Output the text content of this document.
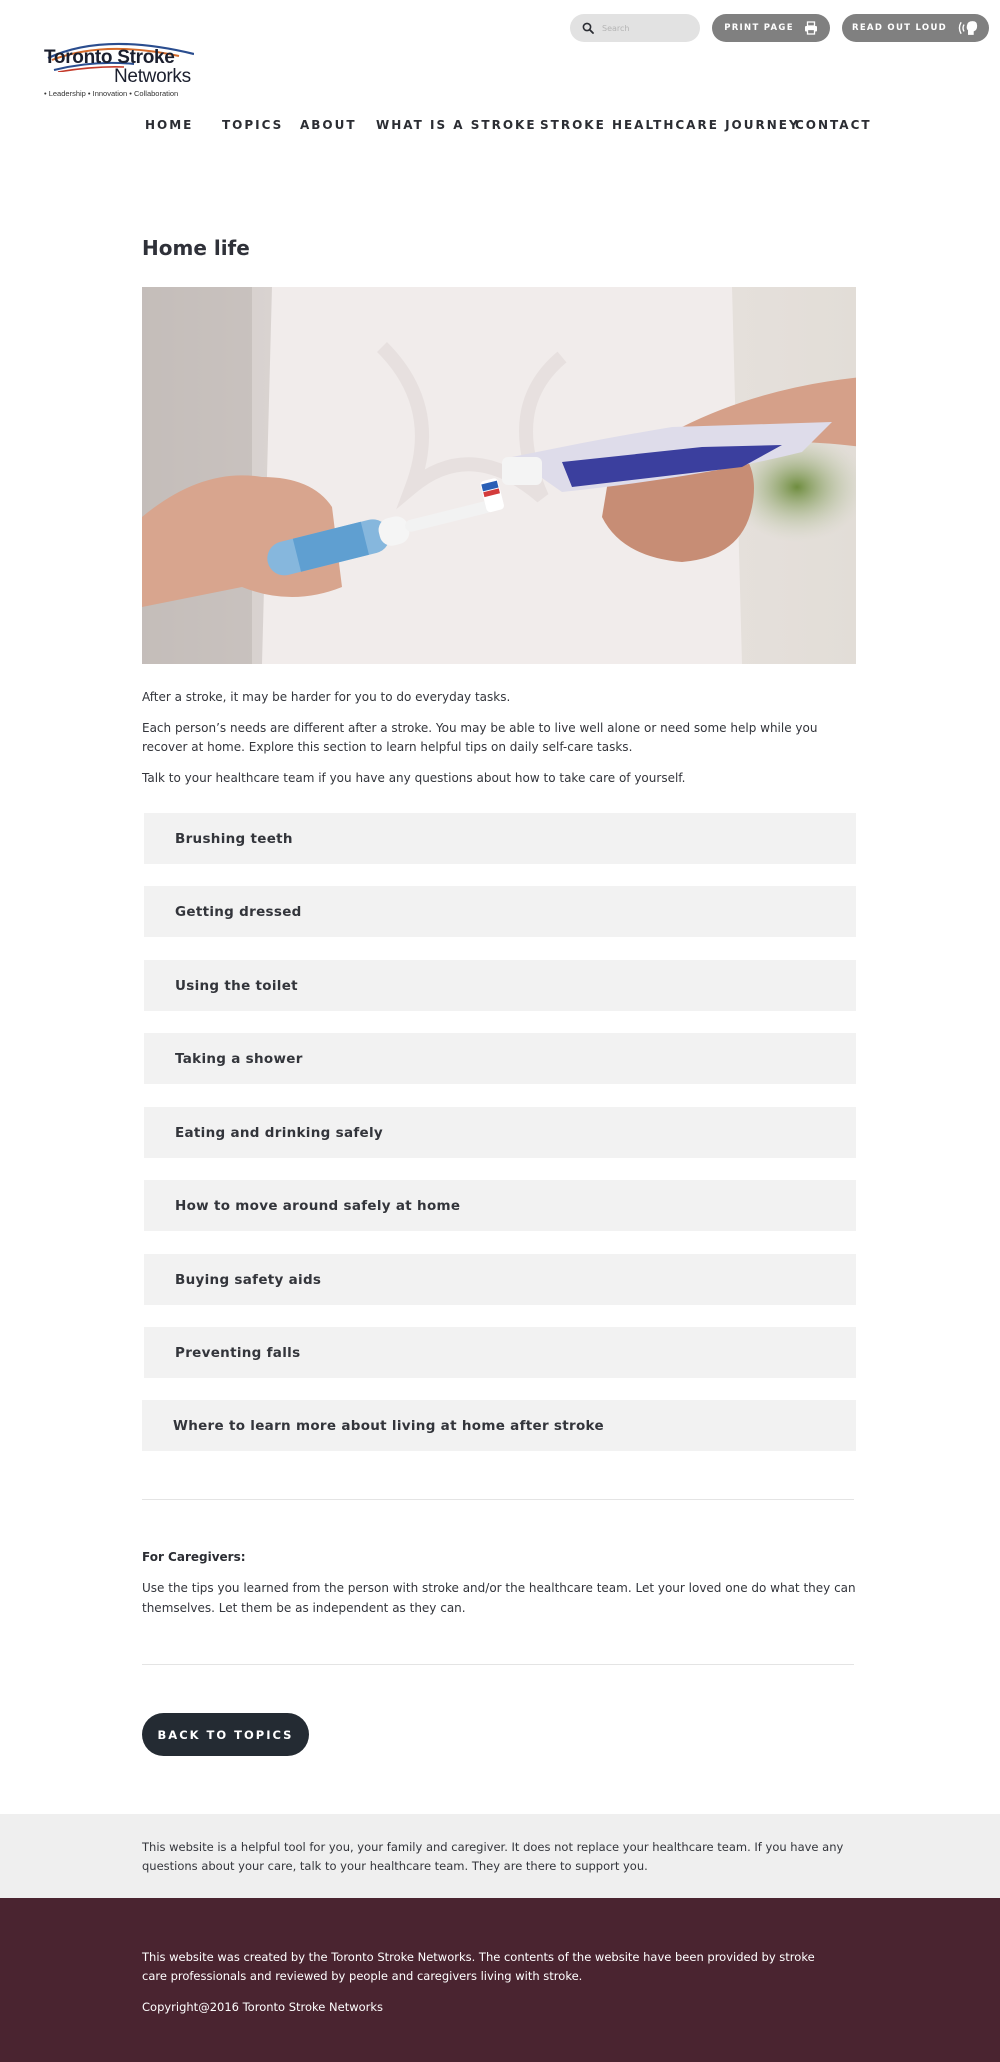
Search
PRINT PAGE	READ OUT LOUD
Toronto Stroke
Networks
• Leadership • Innovation • Collaboration
HOME TOPICS ABOUT WHAT IS A STROKE STROKE HEALTHCARE JOURNEY
CONTACT
Home life

After a stroke, it may be harder for you to do everyday tasks.

Each person’s needs are different after a stroke. You may be able to live well alone or need some help while you recover at home. Explore this section to learn helpful tips on daily self-care tasks.

Talk to your healthcare team if you have any questions about how to take care of yourself.

Brushing teeth
Getting dressed
Using the toilet
Taking a shower
Eating and drinking safely
How to move around safely at home
Buying safety aids
Preventing falls
Where to learn more about living at home after stroke
For Caregivers:

Use the tips you learned from the person with stroke and/or the healthcare team. Let your loved one do what they can themselves. Let them be as independent as they can.

BACK TO TOPICS

This website is a helpful tool for you, your family and caregiver. It does not replace your healthcare team. If you have any questions about your care, talk to your healthcare team. They are there to support you.

This website was created by the Toronto Stroke Networks. The contents of the website have been provided by stroke care professionals and reviewed by people and caregivers living with stroke.

Copyright@2016 Toronto Stroke Networks
